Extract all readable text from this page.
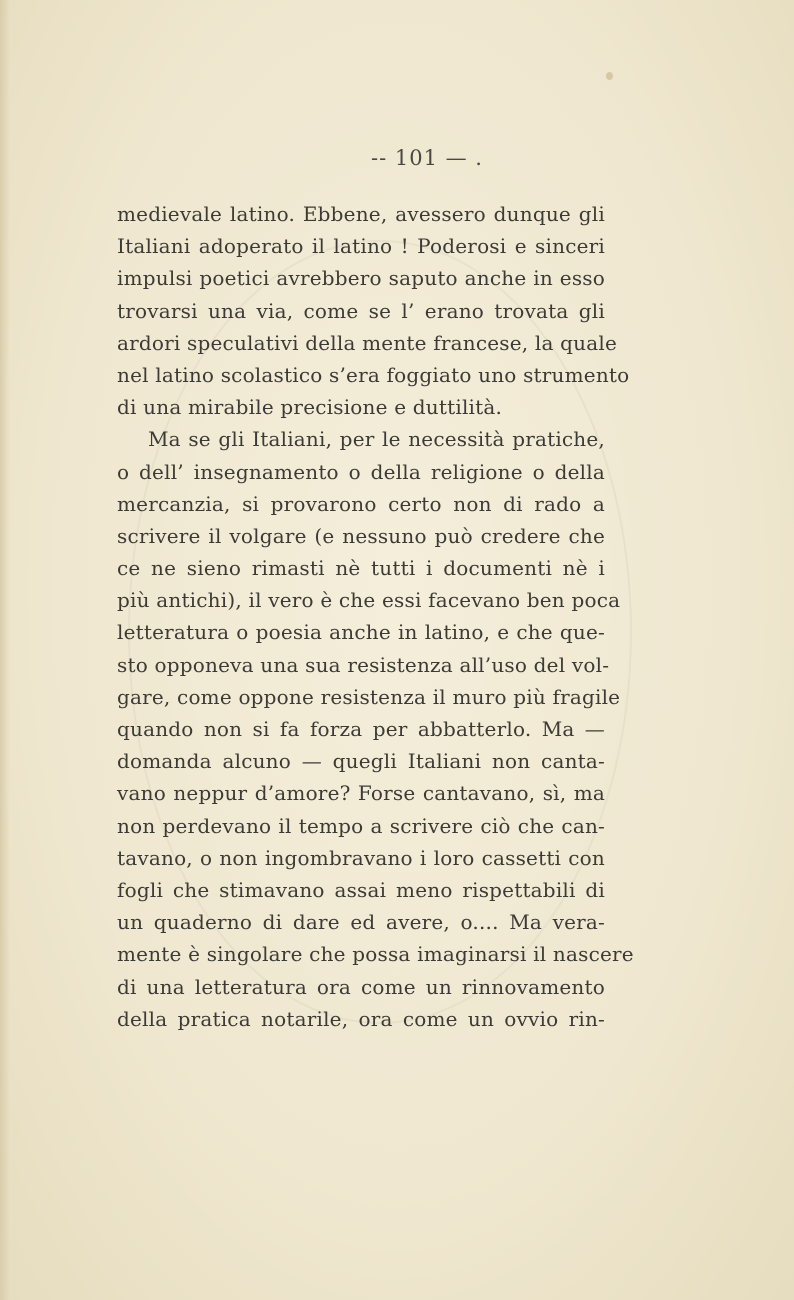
-- 101 — .
medievale latino. Ebbene, avessero dunque gli
Italiani adoperato il latino ! Poderosi e sinceri
impulsi poetici avrebbero saputo anche in esso
trovarsi una via, come se l’ erano trovata gli
ardori speculativi della mente francese, la quale
nel latino scolastico s’era foggiato uno strumento
di una mirabile precisione e duttilità.
Ma se gli Italiani, per le necessità pratiche,
o dell’ insegnamento o della religione o della
mercanzia, si provarono certo non di rado a
scrivere il volgare (e nessuno può credere che
ce ne sieno rimasti nè tutti i documenti nè i
più antichi), il vero è che essi facevano ben poca
letteratura o poesia anche in latino, e che que-
sto opponeva una sua resistenza all’uso del vol-
gare, come oppone resistenza il muro più fragile
quando non si fa forza per abbatterlo. Ma —
domanda alcuno — quegli Italiani non canta-
vano neppur d’amore? Forse cantavano, sì, ma
non perdevano il tempo a scrivere ciò che can-
tavano, o non ingombravano i loro cassetti con
fogli che stimavano assai meno rispettabili di
un quaderno di dare ed avere, o.... Ma vera-
mente è singolare che possa imaginarsi il nascere
di una letteratura ora come un rinnovamento
della pratica notarile, ora come un ovvio rin-
